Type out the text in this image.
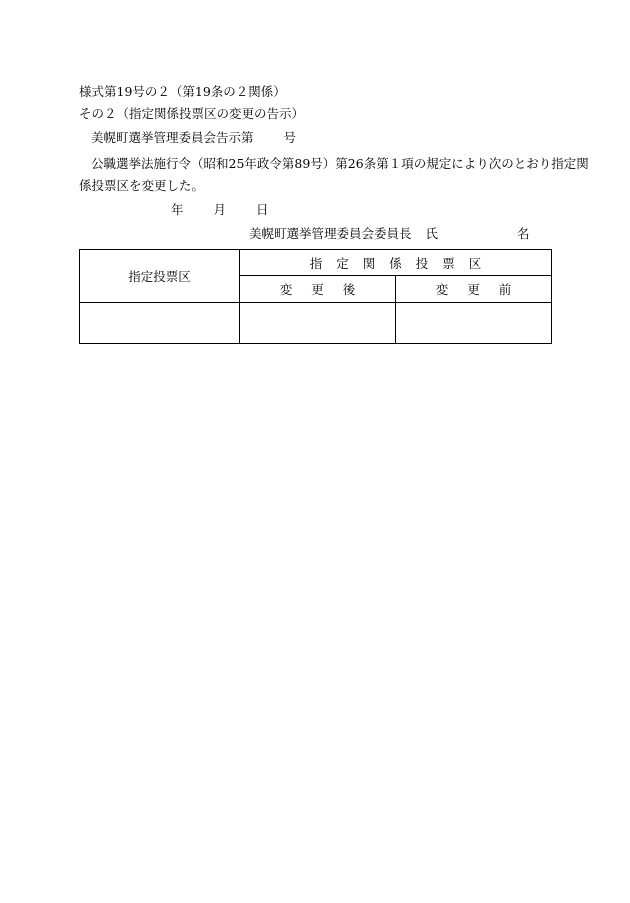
様式第19号の２（第19条の２関係）
その２（指定関係投票区の変更の告示）
美幌町選挙管理委員会告示第 号
公職選挙法施行令（昭和25年政令第89号）第26条第１項の規定により次のとおり指定関
係投票区を変更した。
年 月 日
美幌町選挙管理委員会委員長 氏	名
指定投票区	指定関係投票区	
	変更後	変更前
